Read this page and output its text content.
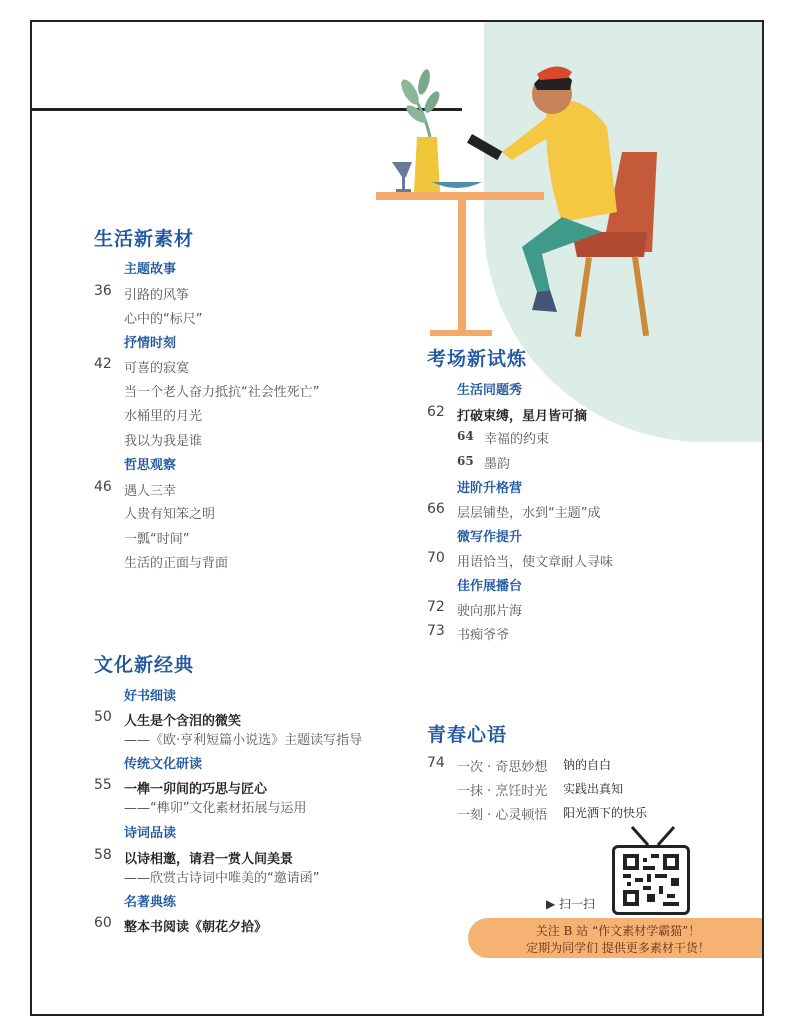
生活新素材
主题故事
36 引路的风筝
心中的“标尺”
抒情时刻
42 可喜的寂寞
当一个老人奋力抵抗“社会性死亡”
水桶里的月光
我以为我是谁
哲思观察
46 遇人三幸
人贵有知笨之明
一瓢“时间”
生活的正面与背面
考场新试炼
生活同题秀
62 打破束缚，星月皆可摘
64 幸福的约束
65 墨韵
进阶升格营
66 层层铺垫，水到“主题”成
微写作提升
70 用语恰当，使文章耐人寻味
佳作展播台
72 驶向那片海
73 书痴爷爷
文化新经典
好书细读
50 人生是个含泪的微笑
——《欧·亨利短篇小说选》主题读写指导
传统文化研读
55 一榫一卯间的巧思与匠心
——“榫卯”文化素材拓展与运用
诗词品读
58 以诗相邀，请君一赏人间美景
——欣赏古诗词中唯美的“邀请函”
名著典练
60 整本书阅读《朝花夕拾》
青春心语
74 一次 · 奇思妙想 钠的自白
一抹 · 烹饪时光 实践出真知
一刻 · 心灵顿悟 阳光洒下的快乐
▶ 扫一扫
关注 B 站 “作文素材学霸猫”！
定期为同学们 提供更多素材干货！
